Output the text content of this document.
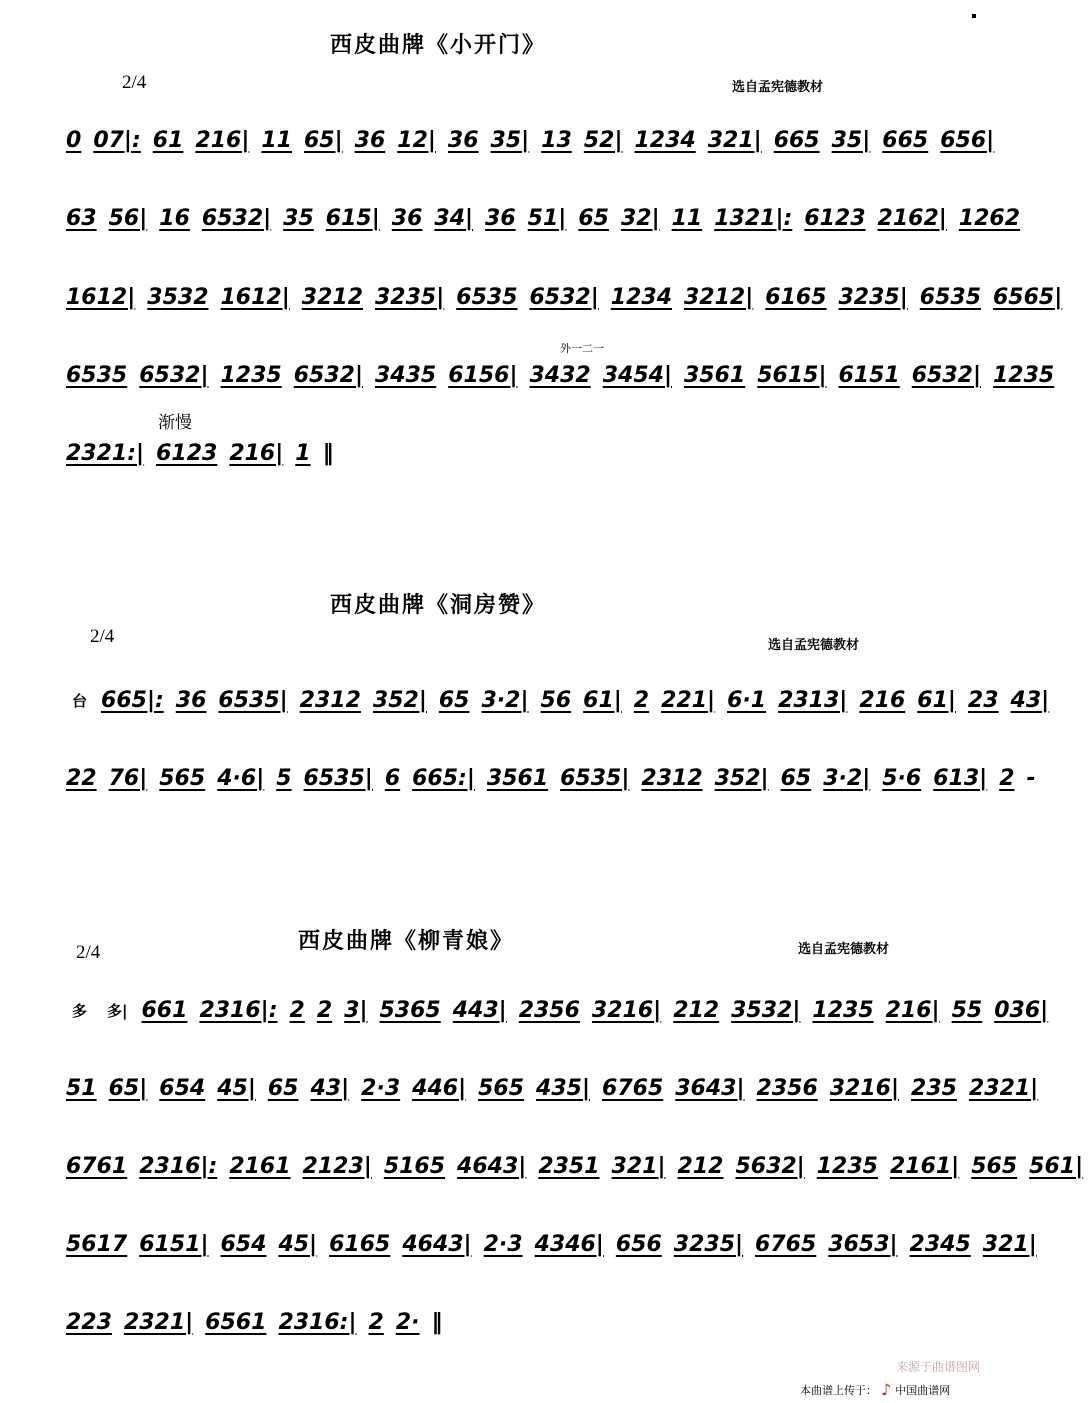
西皮曲牌《小开门》
2/4	选自孟宪德教材
0 07|: 61 216| 11 65| 36 12| 36 35| 13 52| 1234 321| 665 35| 665 656|
63 56| 16 6532| 35 615| 36 34| 36 51| 65 32| 11 1321|: 6123 2162| 1262
1612| 3532 1612| 3212 3235| 6535 6532| 1234 3212| 6165 3235| 6535 6565|
外一二一
6535 6532| 1235 6532| 3435 6156| 3432 3454| 3561 5615| 6151 6532| 1235
渐慢
2321:| 6123 216| 1 ‖
西皮曲牌《洞房赞》
2/4	选自孟宪德教材
台 665|: 36 6535| 2312 352| 65 3·2| 56 61| 2 221| 6·1 2313| 216 61| 23 43|
22 76| 565 4·6| 5 6535| 6 665:| 3561 6535| 2312 352| 65 3·2| 5·6 613| 2 -
西皮曲牌《柳青娘》
2/4	选自孟宪德教材
多	多| 661 2316|: 2 2 3| 5365 443| 2356 3216| 212 3532| 1235 216| 55 036|
51 65| 654 45| 65 43| 2·3 446| 565 435| 6765 3643| 2356 3216| 235 2321|
6761 2316|: 2161 2123| 5165 4643| 2351 321| 212 5632| 1235 2161| 565 561|
5617 6151| 654 45| 6165 4643| 2·3 4346| 656 3235| 6765 3653| 2345 321|
223 2321| 6561 2316:| 2 2· ‖
来源于曲谱图网
本曲谱上传于： ♪ 中国曲谱网
